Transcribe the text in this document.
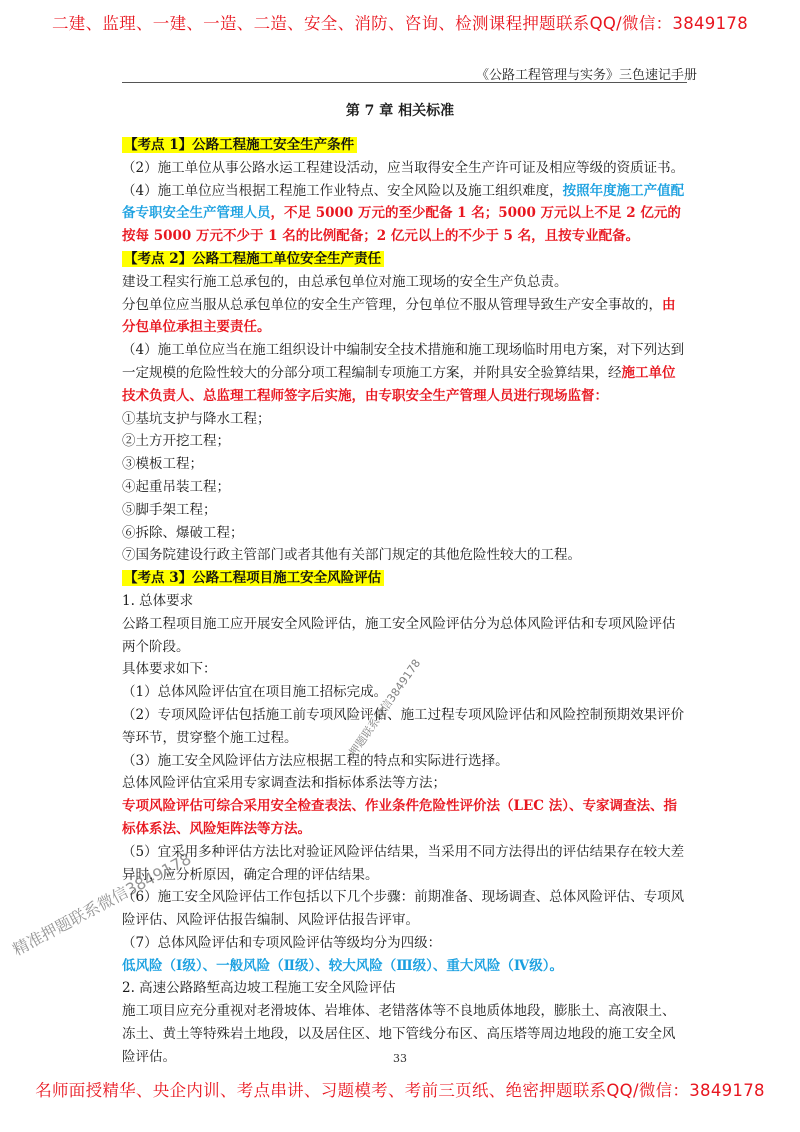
二建、监理、一建、一造、二造、安全、消防、咨询、检测课程押题联系QQ/微信：3849178
《公路工程管理与实务》三色速记手册
第 7 章 相关标准

【考点 1】公路工程施工安全生产条件

（2）施工单位从事公路水运工程建设活动，应当取得安全生产许可证及相应等级的资质证书。

（4）施工单位应当根据工程施工作业特点、安全风险以及施工组织难度，按照年度施工产值配备专职安全生产管理人员，不足 5000 万元的至少配备 1 名；5000 万元以上不足 2 亿元的按每 5000 万元不少于 1 名的比例配备；2 亿元以上的不少于 5 名，且按专业配备。

【考点 2】公路工程施工单位安全生产责任

建设工程实行施工总承包的，由总承包单位对施工现场的安全生产负总责。

分包单位应当服从总承包单位的安全生产管理，分包单位不服从管理导致生产安全事故的，由分包单位承担主要责任。

（4）施工单位应当在施工组织设计中编制安全技术措施和施工现场临时用电方案，对下列达到一定规模的危险性较大的分部分项工程编制专项施工方案，并附具安全验算结果，经施工单位技术负责人、总监理工程师签字后实施，由专职安全生产管理人员进行现场监督：

①基坑支护与降水工程；

②土方开挖工程；

③模板工程；

④起重吊装工程；

⑤脚手架工程；

⑥拆除、爆破工程；

⑦国务院建设行政主管部门或者其他有关部门规定的其他危险性较大的工程。

【考点 3】公路工程项目施工安全风险评估

1. 总体要求

公路工程项目施工应开展安全风险评估，施工安全风险评估分为总体风险评估和专项风险评估两个阶段。

具体要求如下：

（1）总体风险评估宜在项目施工招标完成。

（2）专项风险评估包括施工前专项风险评估、施工过程专项风险评估和风险控制预期效果评价等环节，贯穿整个施工过程。

（3）施工安全风险评估方法应根据工程的特点和实际进行选择。

总体风险评估宜采用专家调查法和指标体系法等方法；

专项风险评估可综合采用安全检查表法、作业条件危险性评价法（LEC 法）、专家调查法、指标体系法、风险矩阵法等方法。

（5）宜采用多种评估方法比对验证风险评估结果，当采用不同方法得出的评估结果存在较大差异时，应分析原因，确定合理的评估结果。

（6）施工安全风险评估工作包括以下几个步骤：前期准备、现场调查、总体风险评估、专项风险评估、风险评估报告编制、风险评估报告评审。

（7）总体风险评估和专项风险评估等级均分为四级：

低风险（Ⅰ级）、一般风险（Ⅱ级）、较大风险（Ⅲ级）、重大风险（Ⅳ级）。

2. 高速公路路堑高边坡工程施工安全风险评估

施工项目应充分重视对老滑坡体、岩堆体、老错落体等不良地质体地段，膨胀土、高液限土、冻土、黄土等特殊岩土地段，以及居住区、地下管线分布区、高压塔等周边地段的施工安全风险评估。	33
精准押题联系微信3849178
押题联系微信3849178
名师面授精华、央企内训、考点串讲、习题模考、考前三页纸、绝密押题联系QQ/微信：3849178
